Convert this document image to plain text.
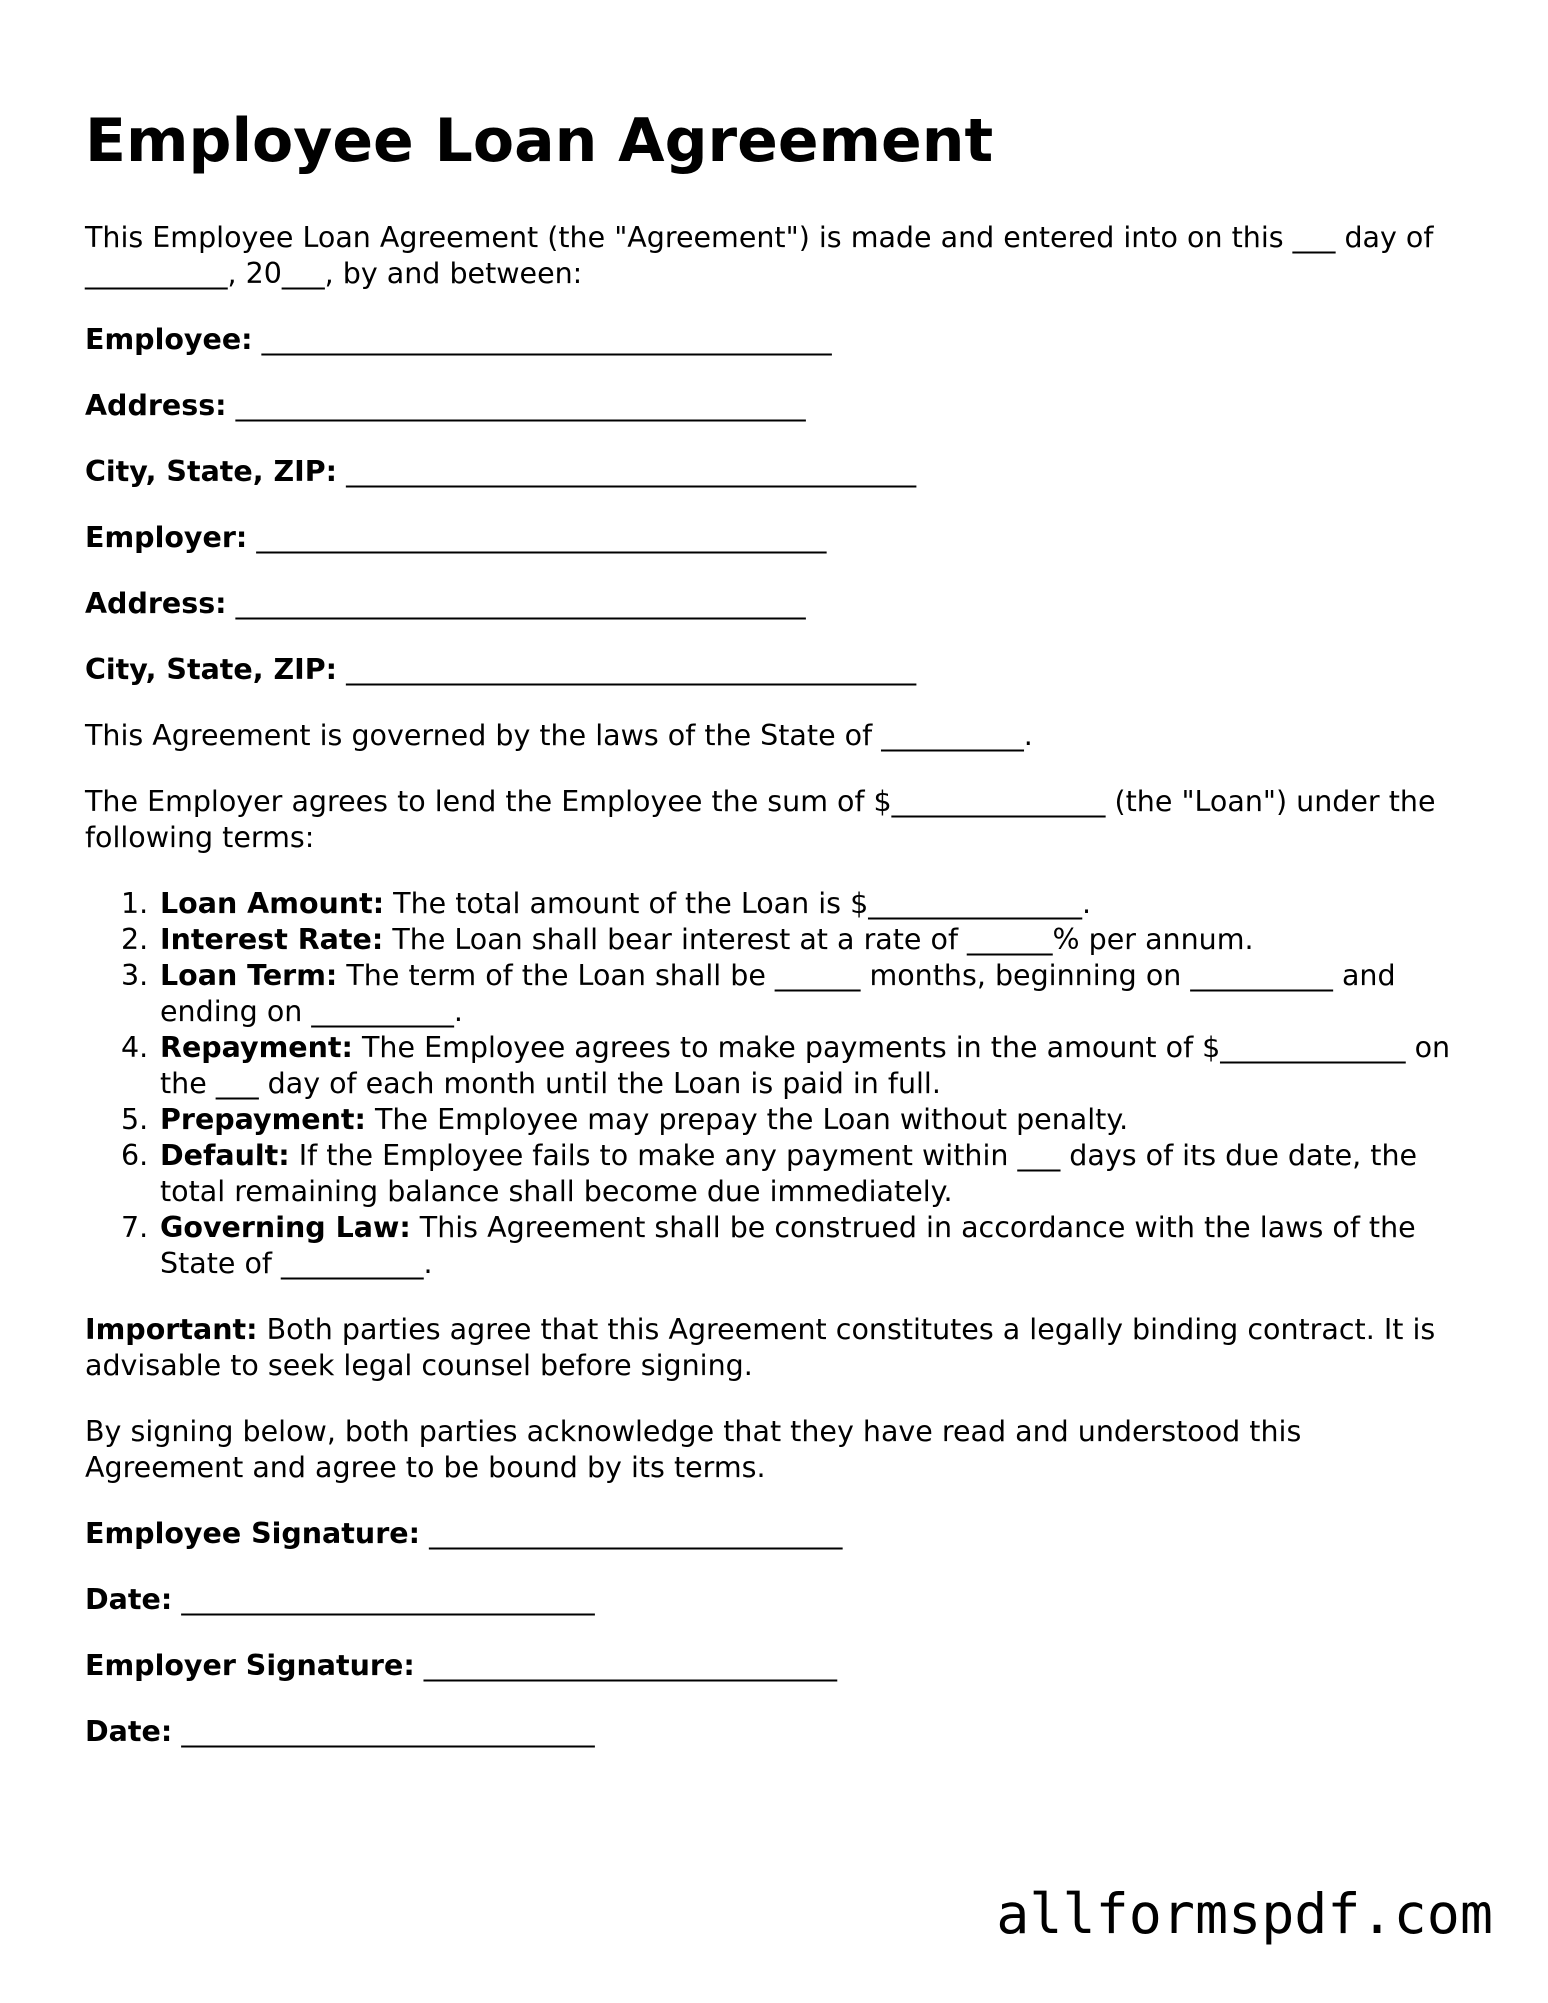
Employee Loan Agreement

This Employee Loan Agreement (the "Agreement") is made and entered into on this ___ day of __________, 20___, by and between:

Employee: ________________________________________
Address: ________________________________________
City, State, ZIP: ________________________________________
Employer: ________________________________________
Address: ________________________________________
City, State, ZIP: ________________________________________

This Agreement is governed by the laws of the State of __________.

The Employer agrees to lend the Employee the sum of $_______________ (the "Loan") under the following terms:

1. Loan Amount: The total amount of the Loan is $_______________.
2. Interest Rate: The Loan shall bear interest at a rate of ______% per annum.
3. Loan Term: The term of the Loan shall be ______ months, beginning on __________ and ending on __________.
4. Repayment: The Employee agrees to make payments in the amount of $_____________ on the ___ day of each month until the Loan is paid in full.
5. Prepayment: The Employee may prepay the Loan without penalty.
6. Default: If the Employee fails to make any payment within ___ days of its due date, the total remaining balance shall become due immediately.
7. Governing Law: This Agreement shall be construed in accordance with the laws of the State of __________.

Important: Both parties agree that this Agreement constitutes a legally binding contract. It is advisable to seek legal counsel before signing.

By signing below, both parties acknowledge that they have read and understood this Agreement and agree to be bound by its terms.

Employee Signature: _____________________________
Date: _____________________________
Employer Signature: _____________________________
Date: _____________________________
allformspdf.com
